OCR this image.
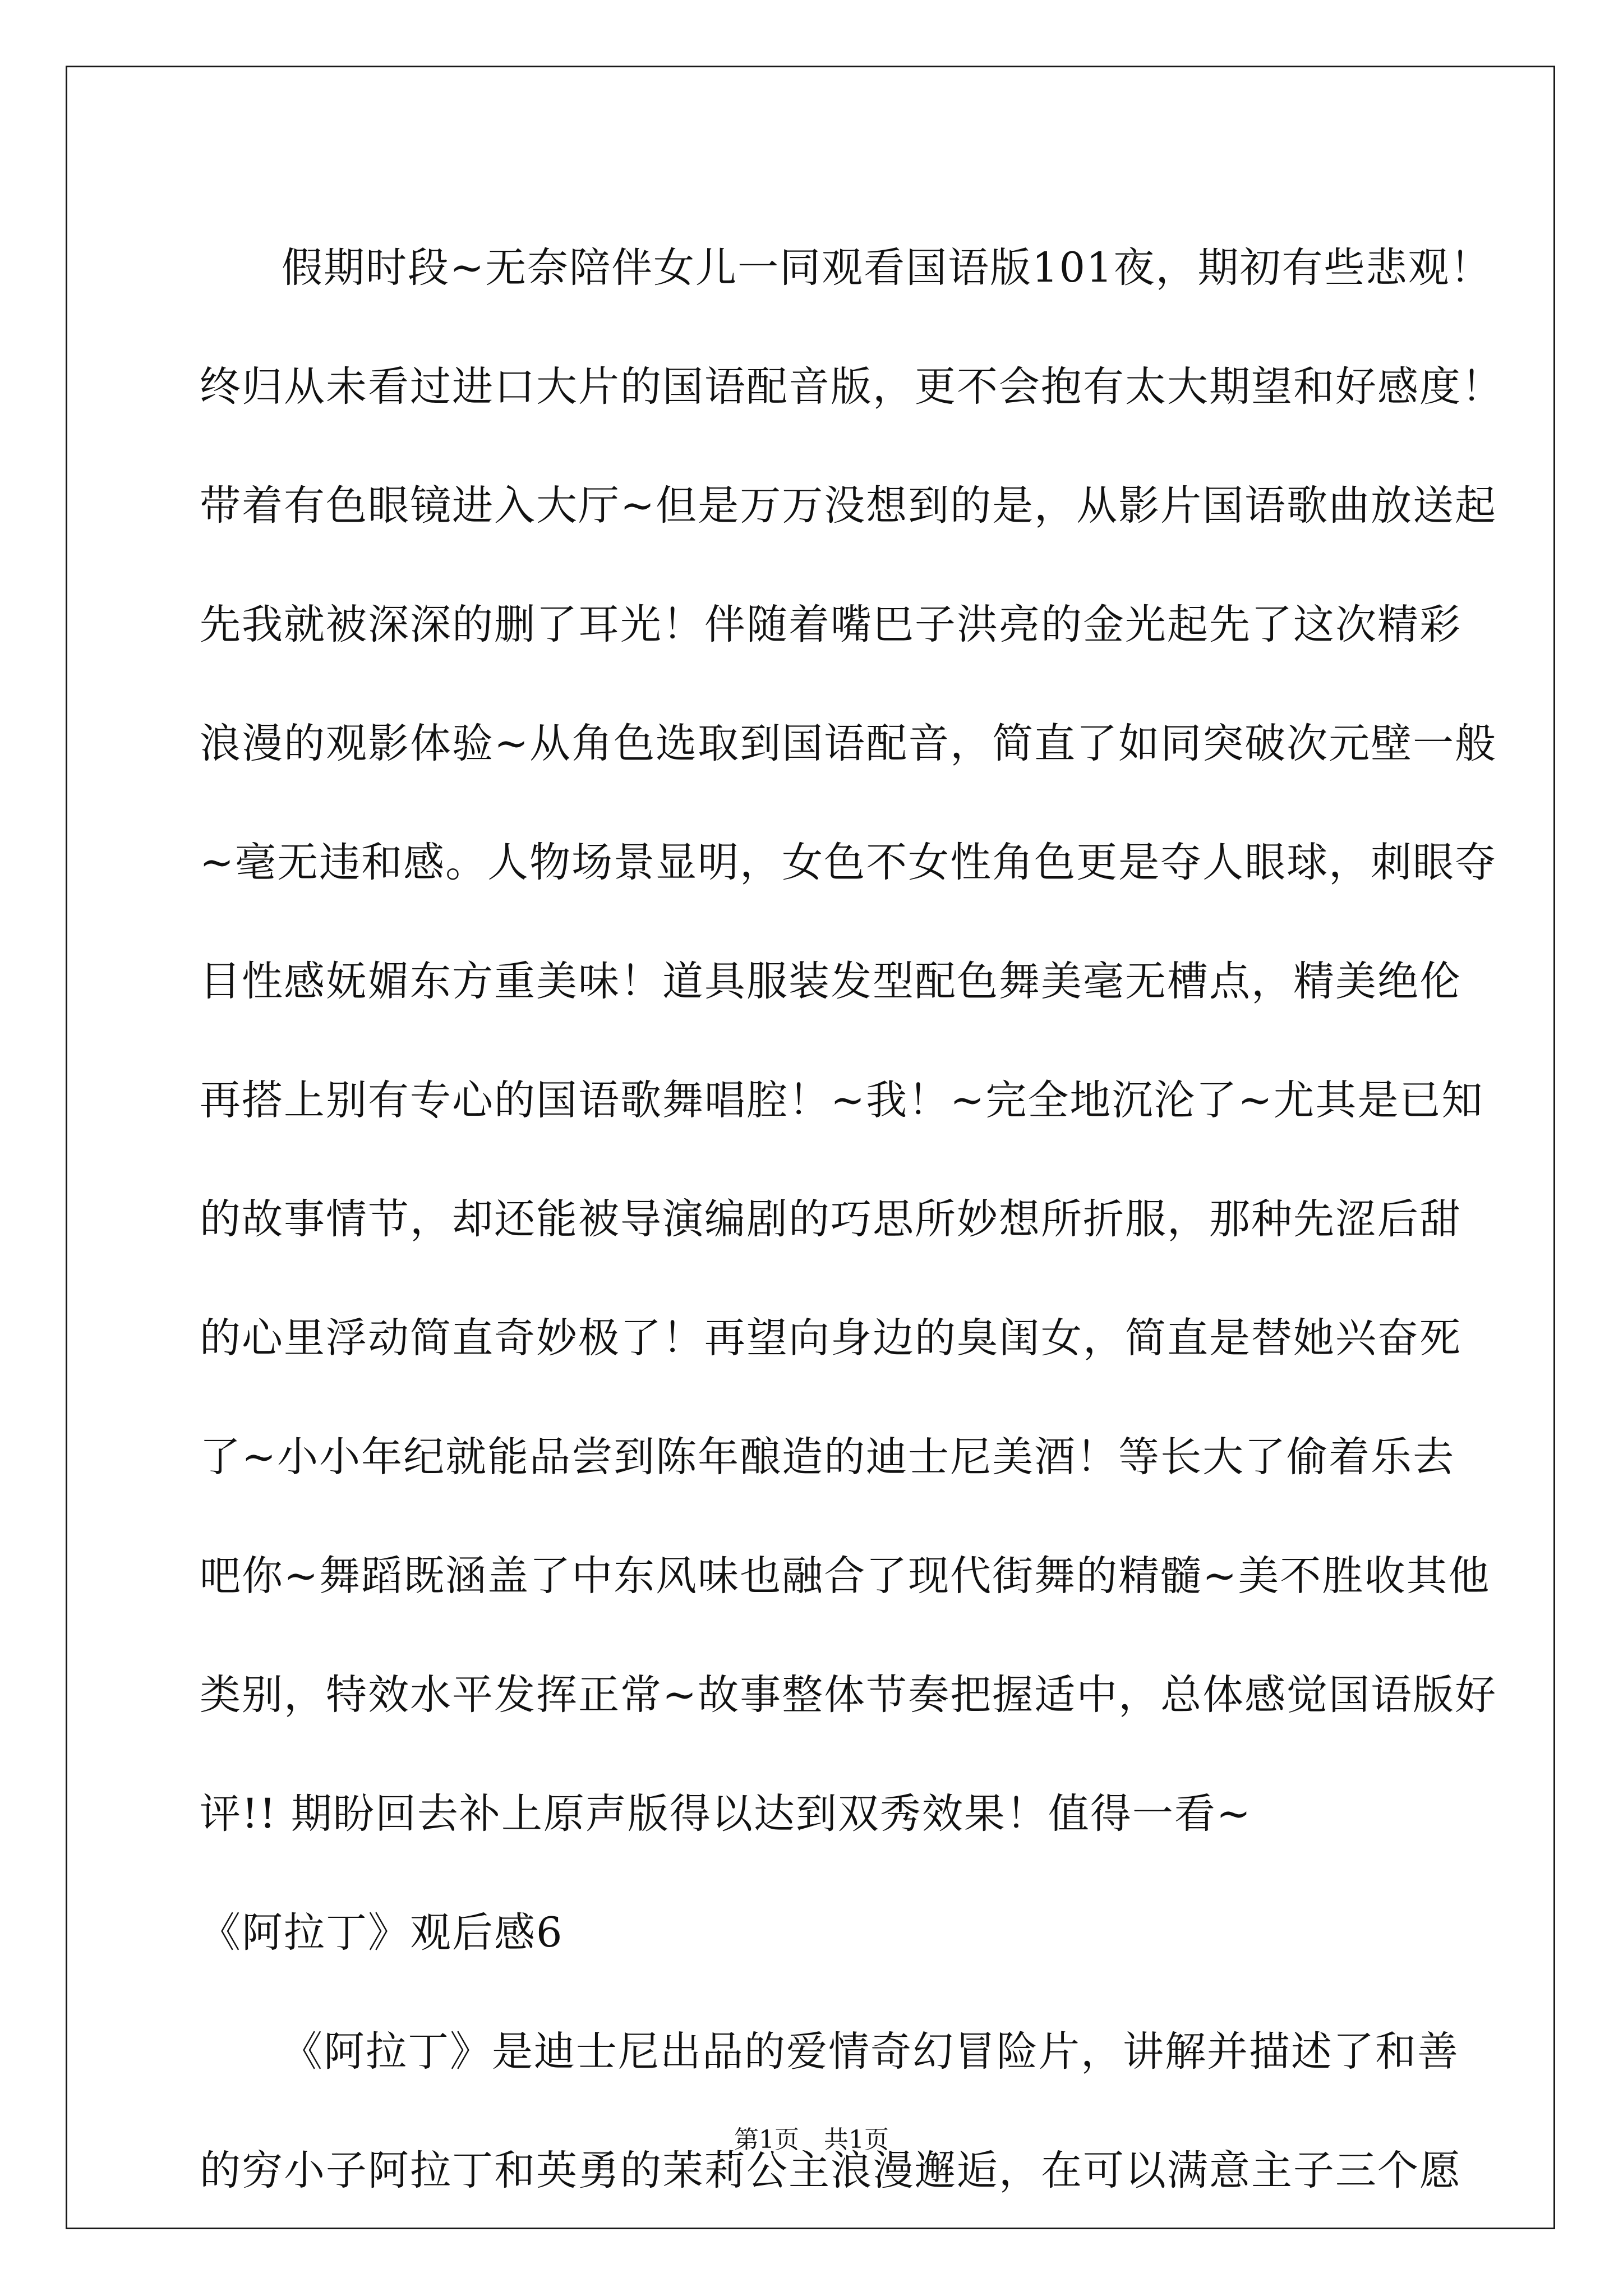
假期时段~无奈陪伴女儿一同观看国语版101夜，期初有些悲观！
终归从未看过进口大片的国语配音版，更不会抱有太大期望和好感度！
带着有色眼镜进入大厅~但是万万没想到的是，从影片国语歌曲放送起
先我就被深深的删了耳光！伴随着嘴巴子洪亮的金光起先了这次精彩
浪漫的观影体验~从角色选取到国语配音，简直了如同突破次元壁一般
~毫无违和感。人物场景显明，女色不女性角色更是夺人眼球，刺眼夺
目性感妩媚东方重美味！道具服装发型配色舞美毫无槽点，精美绝伦
再搭上别有专心的国语歌舞唱腔！~我！~完全地沉沦了~尤其是已知
的故事情节，却还能被导演编剧的巧思所妙想所折服，那种先涩后甜
的心里浮动简直奇妙极了！再望向身边的臭闺女，简直是替她兴奋死
了~小小年纪就能品尝到陈年酿造的迪士尼美酒！等长大了偷着乐去
吧你~舞蹈既涵盖了中东风味也融合了现代街舞的精髓~美不胜收其他
类别，特效水平发挥正常~故事整体节奏把握适中，总体感觉国语版好
评!! 期盼回去补上原声版得以达到双秀效果！值得一看~
《阿拉丁》观后感6
《阿拉丁》是迪士尼出品的爱情奇幻冒险片，讲解并描述了和善
的穷小子阿拉丁和英勇的茉莉公主浪漫邂逅，在可以满意主子三个愿
第1页　共1页
